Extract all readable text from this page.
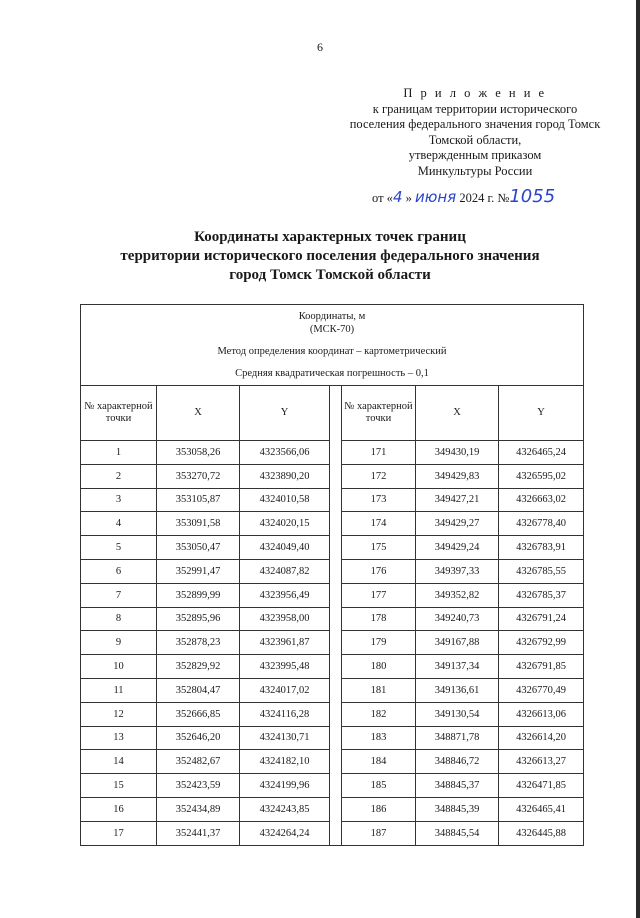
6
П р и л о ж е н и е
к границам территории исторического
поселения федерального значения город Томск
Томской области,
утвержденным приказом
Минкультуры России
от «4 » июня 2024 г. №1055
Координаты характерных точек границ
территории исторического поселения федерального значения
город Томск Томской области
Координаты, м
(МСК-70)
Метод определения координат – картометрический
Средняя квадратическая погрешность – 0,1						

№ характерной точки	X	Y		№ характерной точки	X	Y
1	353058,26	4323566,06		171	349430,19	4326465,24
2	353270,72	4323890,20		172	349429,83	4326595,02
3	353105,87	4324010,58		173	349427,21	4326663,02
4	353091,58	4324020,15		174	349429,27	4326778,40
5	353050,47	4324049,40		175	349429,24	4326783,91
6	352991,47	4324087,82		176	349397,33	4326785,55
7	352899,99	4323956,49		177	349352,82	4326785,37
8	352895,96	4323958,00		178	349240,73	4326791,24
9	352878,23	4323961,87		179	349167,88	4326792,99
10	352829,92	4323995,48		180	349137,34	4326791,85
11	352804,47	4324017,02		181	349136,61	4326770,49
12	352666,85	4324116,28		182	349130,54	4326613,06
13	352646,20	4324130,71		183	348871,78	4326614,20
14	352482,67	4324182,10		184	348846,72	4326613,27
15	352423,59	4324199,96		185	348845,37	4326471,85
16	352434,89	4324243,85		186	348845,39	4326465,41
17	352441,37	4324264,24		187	348845,54	4326445,88
